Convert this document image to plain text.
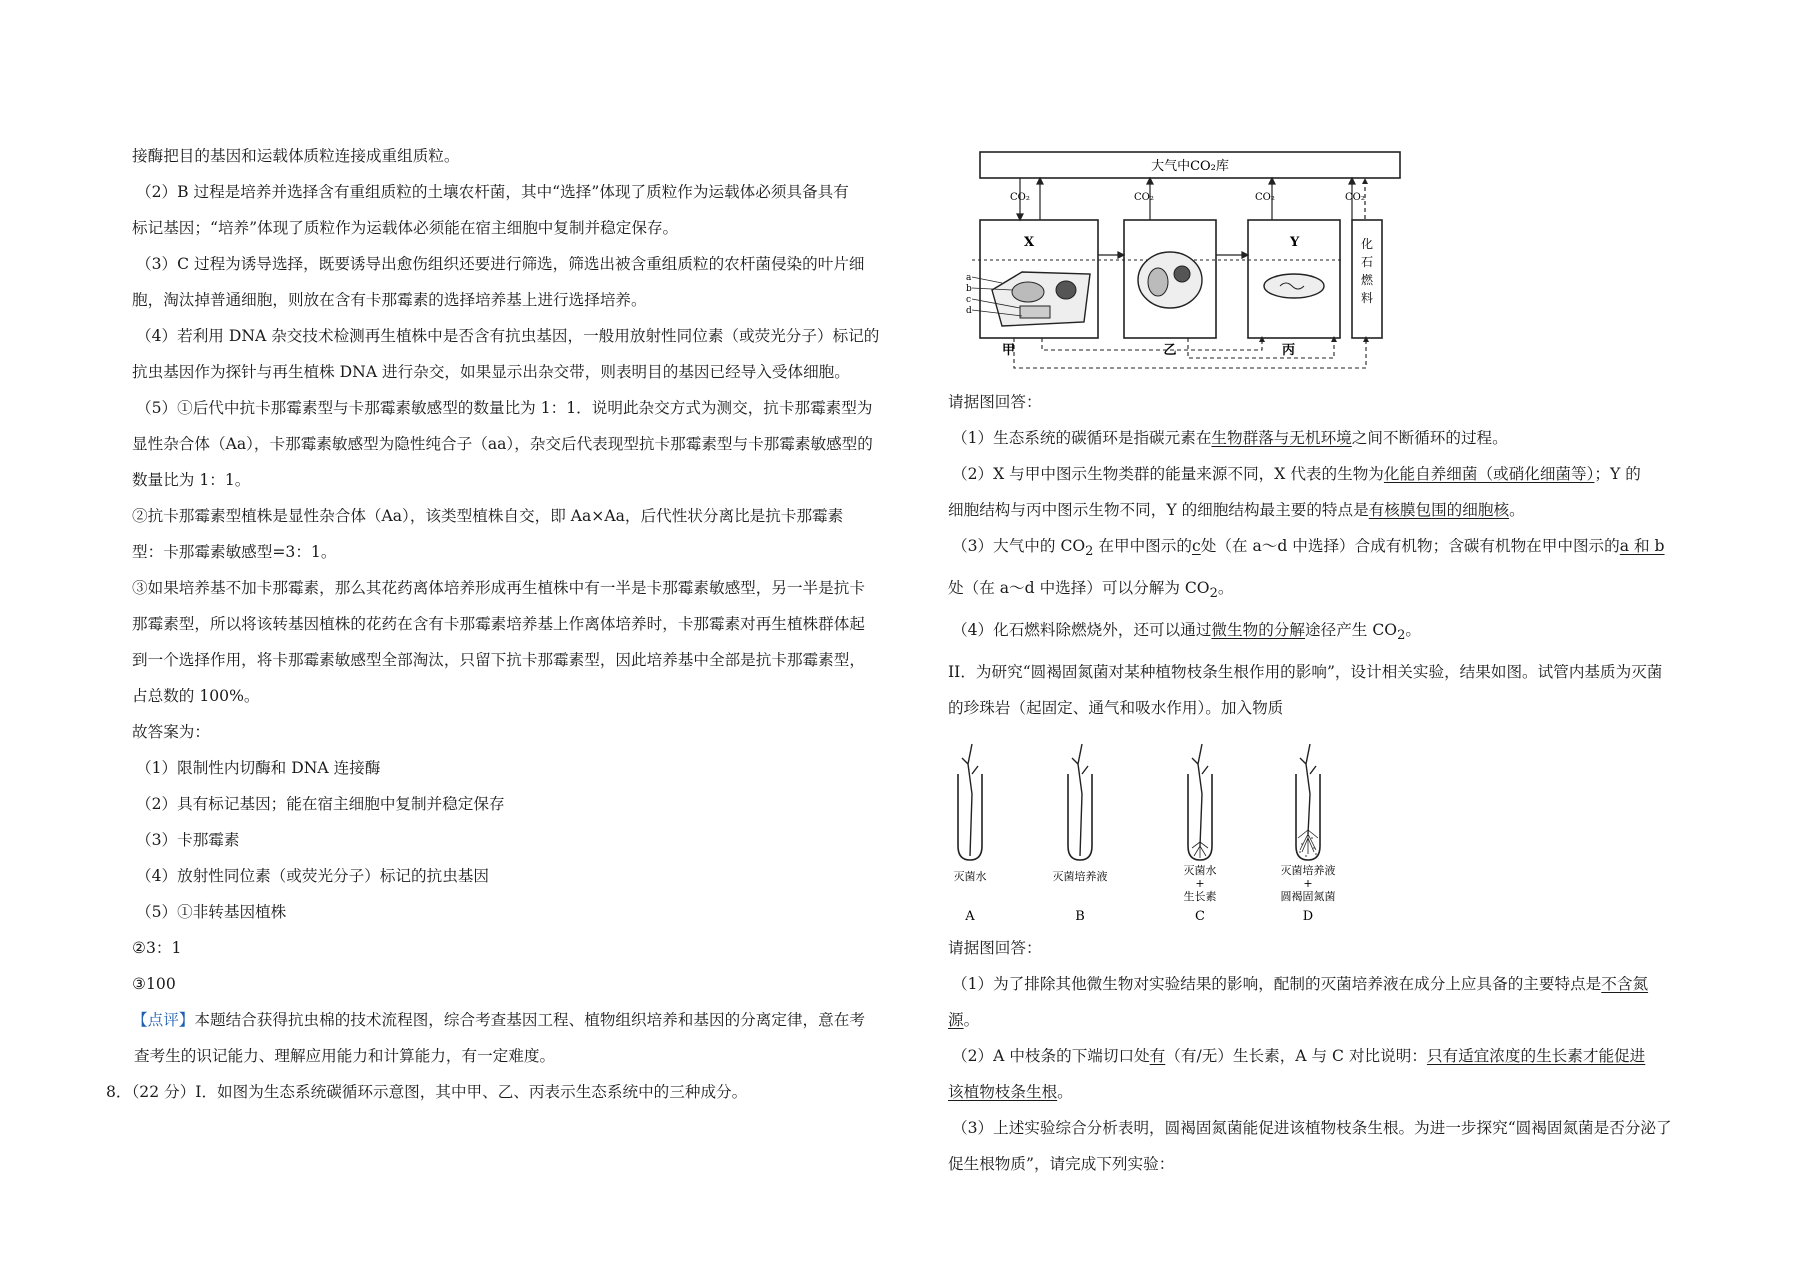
接酶把目的基因和运载体质粒连接成重组质粒。
（2）B 过程是培养并选择含有重组质粒的土壤农杆菌，其中“选择”体现了质粒作为运载体必须具备具有
标记基因；“培养”体现了质粒作为运载体必须能在宿主细胞中复制并稳定保存。
（3）C 过程为诱导选择，既要诱导出愈伤组织还要进行筛选，筛选出被含重组质粒的农杆菌侵染的叶片细
胞，淘汰掉普通细胞，则放在含有卡那霉素的选择培养基上进行选择培养。
（4）若利用 DNA 杂交技术检测再生植株中是否含有抗虫基因，一般用放射性同位素（或荧光分子）标记的
抗虫基因作为探针与再生植株 DNA 进行杂交，如果显示出杂交带，则表明目的基因已经导入受体细胞。
（5）①后代中抗卡那霉素型与卡那霉素敏感型的数量比为 1：1．说明此杂交方式为测交，抗卡那霉素型为
显性杂合体（Aa），卡那霉素敏感型为隐性纯合子（aa），杂交后代表现型抗卡那霉素型与卡那霉素敏感型的
数量比为 1：1。
②抗卡那霉素型植株是显性杂合体（Aa），该类型植株自交，即 Aa×Aa，后代性状分离比是抗卡那霉素
型：卡那霉素敏感型=3：1。
③如果培养基不加卡那霉素，那么其花药离体培养形成再生植株中有一半是卡那霉素敏感型，另一半是抗卡
那霉素型，所以将该转基因植株的花药在含有卡那霉素培养基上作离体培养时，卡那霉素对再生植株群体起
到一个选择作用，将卡那霉素敏感型全部淘汰，只留下抗卡那霉素型，因此培养基中全部是抗卡那霉素型，
占总数的 100%。
故答案为：
（1）限制性内切酶和 DNA 连接酶
（2）具有标记基因；能在宿主细胞中复制并稳定保存
（3）卡那霉素
（4）放射性同位素（或荧光分子）标记的抗虫基因
（5）①非转基因植株
②3：1
③100
【点评】本题结合获得抗虫棉的技术流程图，综合考查基因工程、植物组织培养和基因的分离定律，意在考
查考生的识记能力、理解应用能力和计算能力，有一定难度。
8．（22 分）I．如图为生态系统碳循环示意图，其中甲、乙、丙表示生态系统中的三种成分。
大气中CO₂库
CO₂	CO₂	CO₂	CO₂
X	Y	化
石
燃
料
a
b
c
d
甲	乙	丙
请据图回答：
（1）生态系统的碳循环是指碳元素在生物群落与无机环境之间不断循环的过程。
（2）X 与甲中图示生物类群的能量来源不同，X 代表的生物为化能自养细菌（或硝化细菌等）；Y 的
细胞结构与丙中图示生物不同，Y 的细胞结构最主要的特点是有核膜包围的细胞核。
（3）大气中的 $CO_2$ 在甲中图示的c处（在 a～d 中选择）合成有机物；含碳有机物在甲中图示的a 和 b
处（在 a～d 中选择）可以分解为 $CO_2$。
（4）化石燃料除燃烧外，还可以通过微生物的分解途径产生 $CO_2$。
II．为研究“圆褐固氮菌对某种植物枝条生根作用的影响”，设计相关实验，结果如图。试管内基质为灭菌
的珍珠岩（起固定、通气和吸水作用）。加入物质
灭菌水
A
灭菌培养液
B
灭菌水
+
生长素
C
灭菌培养液
+
圆褐固氮菌
D
请据图回答：
（1）为了排除其他微生物对实验结果的影响，配制的灭菌培养液在成分上应具备的主要特点是不含氮
源。
（2）A 中枝条的下端切口处有（有/无）生长素，A 与 C 对比说明：只有适宜浓度的生长素才能促进
该植物枝条生根。
（3）上述实验综合分析表明，圆褐固氮菌能促进该植物枝条生根。为进一步探究“圆褐固氮菌是否分泌了
促生根物质”，请完成下列实验：
